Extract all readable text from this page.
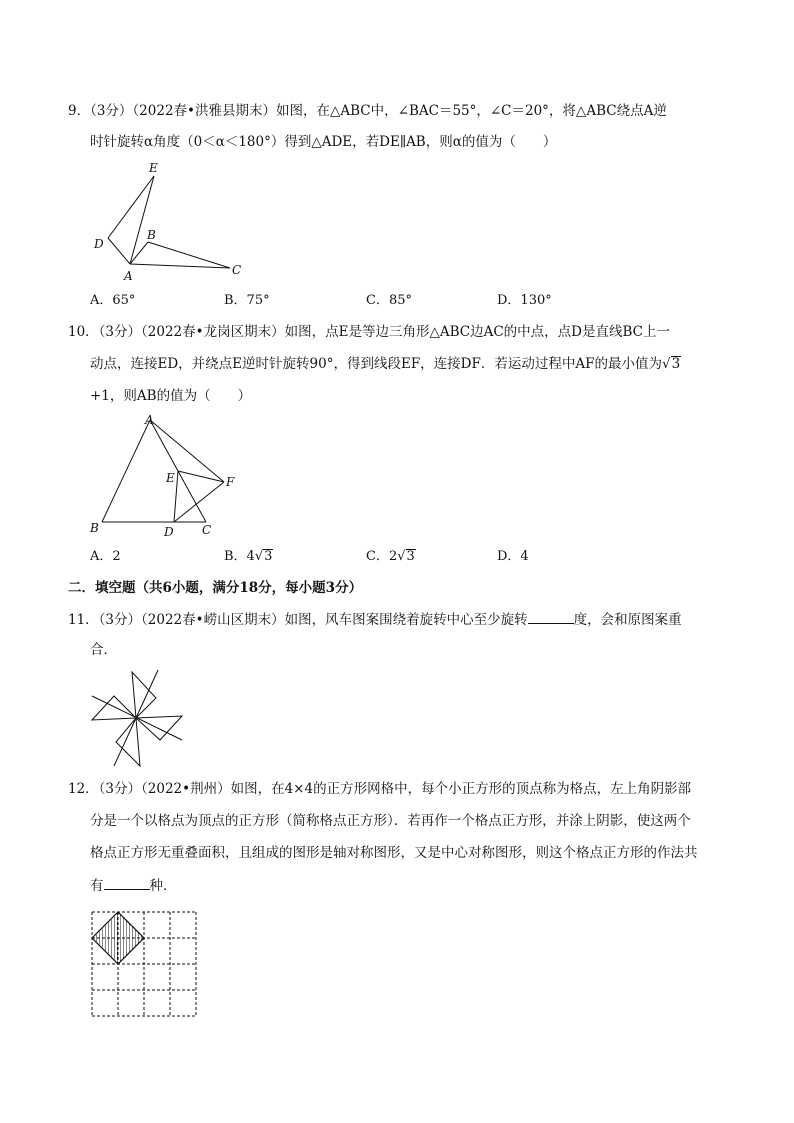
9．（3分）（2022春•洪雅县期末）如图，在△ABC中，∠BAC＝55°，∠C＝20°，将△ABC绕点A逆
时针旋转α角度（0＜α＜180°）得到△ADE，若DE∥AB，则α的值为（　　）
E
D
B
A	C
A．65°	B．75°	C．85°	D．130°
10．（3分）（2022春•龙岗区期末）如图，点E是等边三角形△ABC边AC的中点，点D是直线BC上一
动点，连接ED，并绕点E逆时针旋转90°，得到线段EF，连接DF．若运动过程中AF的最小值为√3
+1，则AB的值为（　　）
A
E	F
B	D C
A．2	B．4√3	C．2√3	D．4
二．填空题（共6小题，满分18分，每小题3分）
11．（3分）（2022春•崂山区期末）如图，风车图案围绕着旋转中心至少旋转	度，会和原图案重
合．
12．（3分）（2022•荆州）如图，在4×4的正方形网格中，每个小正方形的顶点称为格点，左上角阴影部
分是一个以格点为顶点的正方形（简称格点正方形）．若再作一个格点正方形，并涂上阴影，使这两个
格点正方形无重叠面积，且组成的图形是轴对称图形，又是中心对称图形，则这个格点正方形的作法共
有	种．
